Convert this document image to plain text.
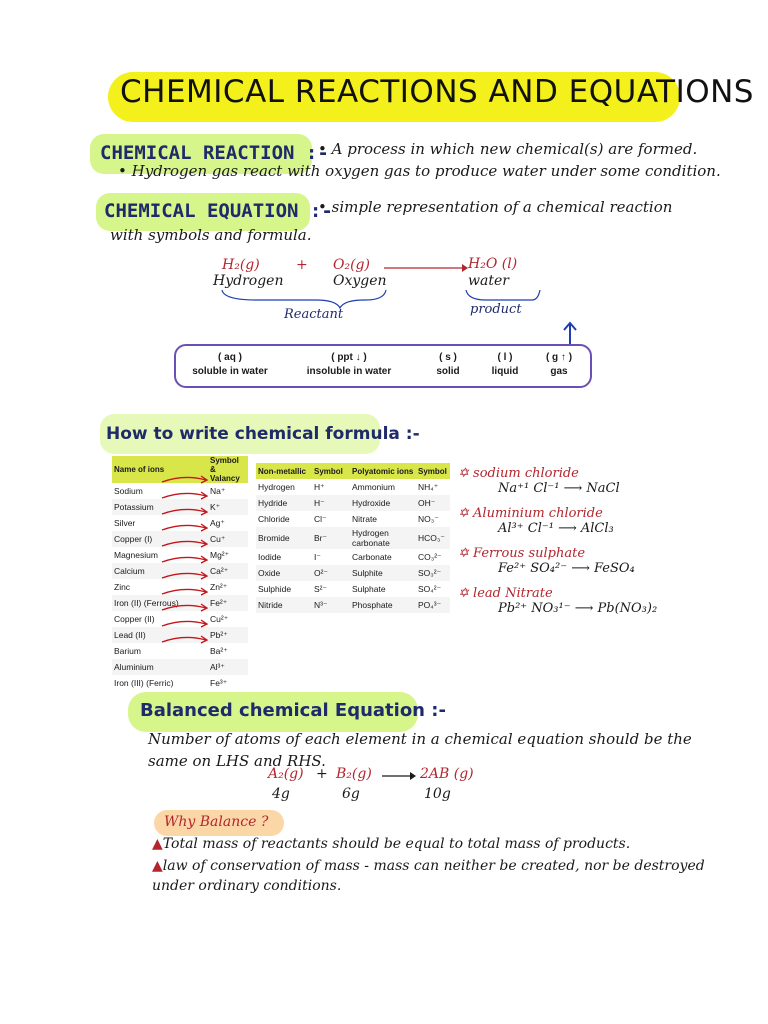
CHEMICAL REACTIONS AND EQUATIONS
CHEMICAL REACTION :-
• A process in which new chemical(s) are formed.
• Hydrogen gas react with oxygen gas to produce water under some condition.
CHEMICAL EQUATION :-
• simple representation of a chemical reaction
with symbols and formula.
H₂(g)	+ O₂(g)	H₂O (l)
Hydrogen	Oxygen	water
Reactant	product
( aq )
soluble in water
( ppt ↓ )
insoluble in water
( s )
solid
( l )
liquid
( g ↑ )
gas
How to write chemical formula :-
Name of ions	Symbol & Valancy
Sodium	Na⁺
Potassium	K⁺
Silver	Ag⁺
Copper (I)	Cu⁺
Magnesium	Mg²⁺
Calcium	Ca²⁺
Zinc	Zn²⁺
Iron (II) (Ferrous)	Fe²⁺
Copper (II)	Cu²⁺
Lead (II)	Pb²⁺
Barium	Ba²⁺
Aluminium	Al³⁺
Iron (III) (Ferric)	Fe³⁺
Non-metallic	Symbol	Polyatomic ions	Symbol
Hydrogen	H⁺	Ammonium	NH₄⁺
Hydride	H⁻	Hydroxide	OH⁻
Chloride	Cl⁻	Nitrate	NO₃⁻
Bromide	Br⁻	Hydrogen carbonate	HCO₃⁻
Iodide	I⁻	Carbonate	CO₃²⁻
Oxide	O²⁻	Sulphite	SO₃²⁻
Sulphide	S²⁻	Sulphate	SO₄²⁻
Nitride	N³⁻	Phosphate	PO₄³⁻
✡ sodium chloride
Na⁺¹ Cl⁻¹ ⟶ NaCl
✡ Aluminium chloride
Al³⁺ Cl⁻¹ ⟶ AlCl₃
✡ Ferrous sulphate
Fe²⁺ SO₄²⁻ ⟶ FeSO₄
✡ lead Nitrate
Pb²⁺ NO₃¹⁻ ⟶ Pb(NO₃)₂
Balanced chemical Equation :-
Number of atoms of each element in a chemical equation should be the same on LHS and RHS.
A₂(g) + B₂(g) → 2AB (g)
4g	6g	10g
Why Balance ?
▲Total mass of reactants should be equal to total mass of products.
▲law of conservation of mass - mass can neither be created, nor be destroyed under ordinary conditions.
